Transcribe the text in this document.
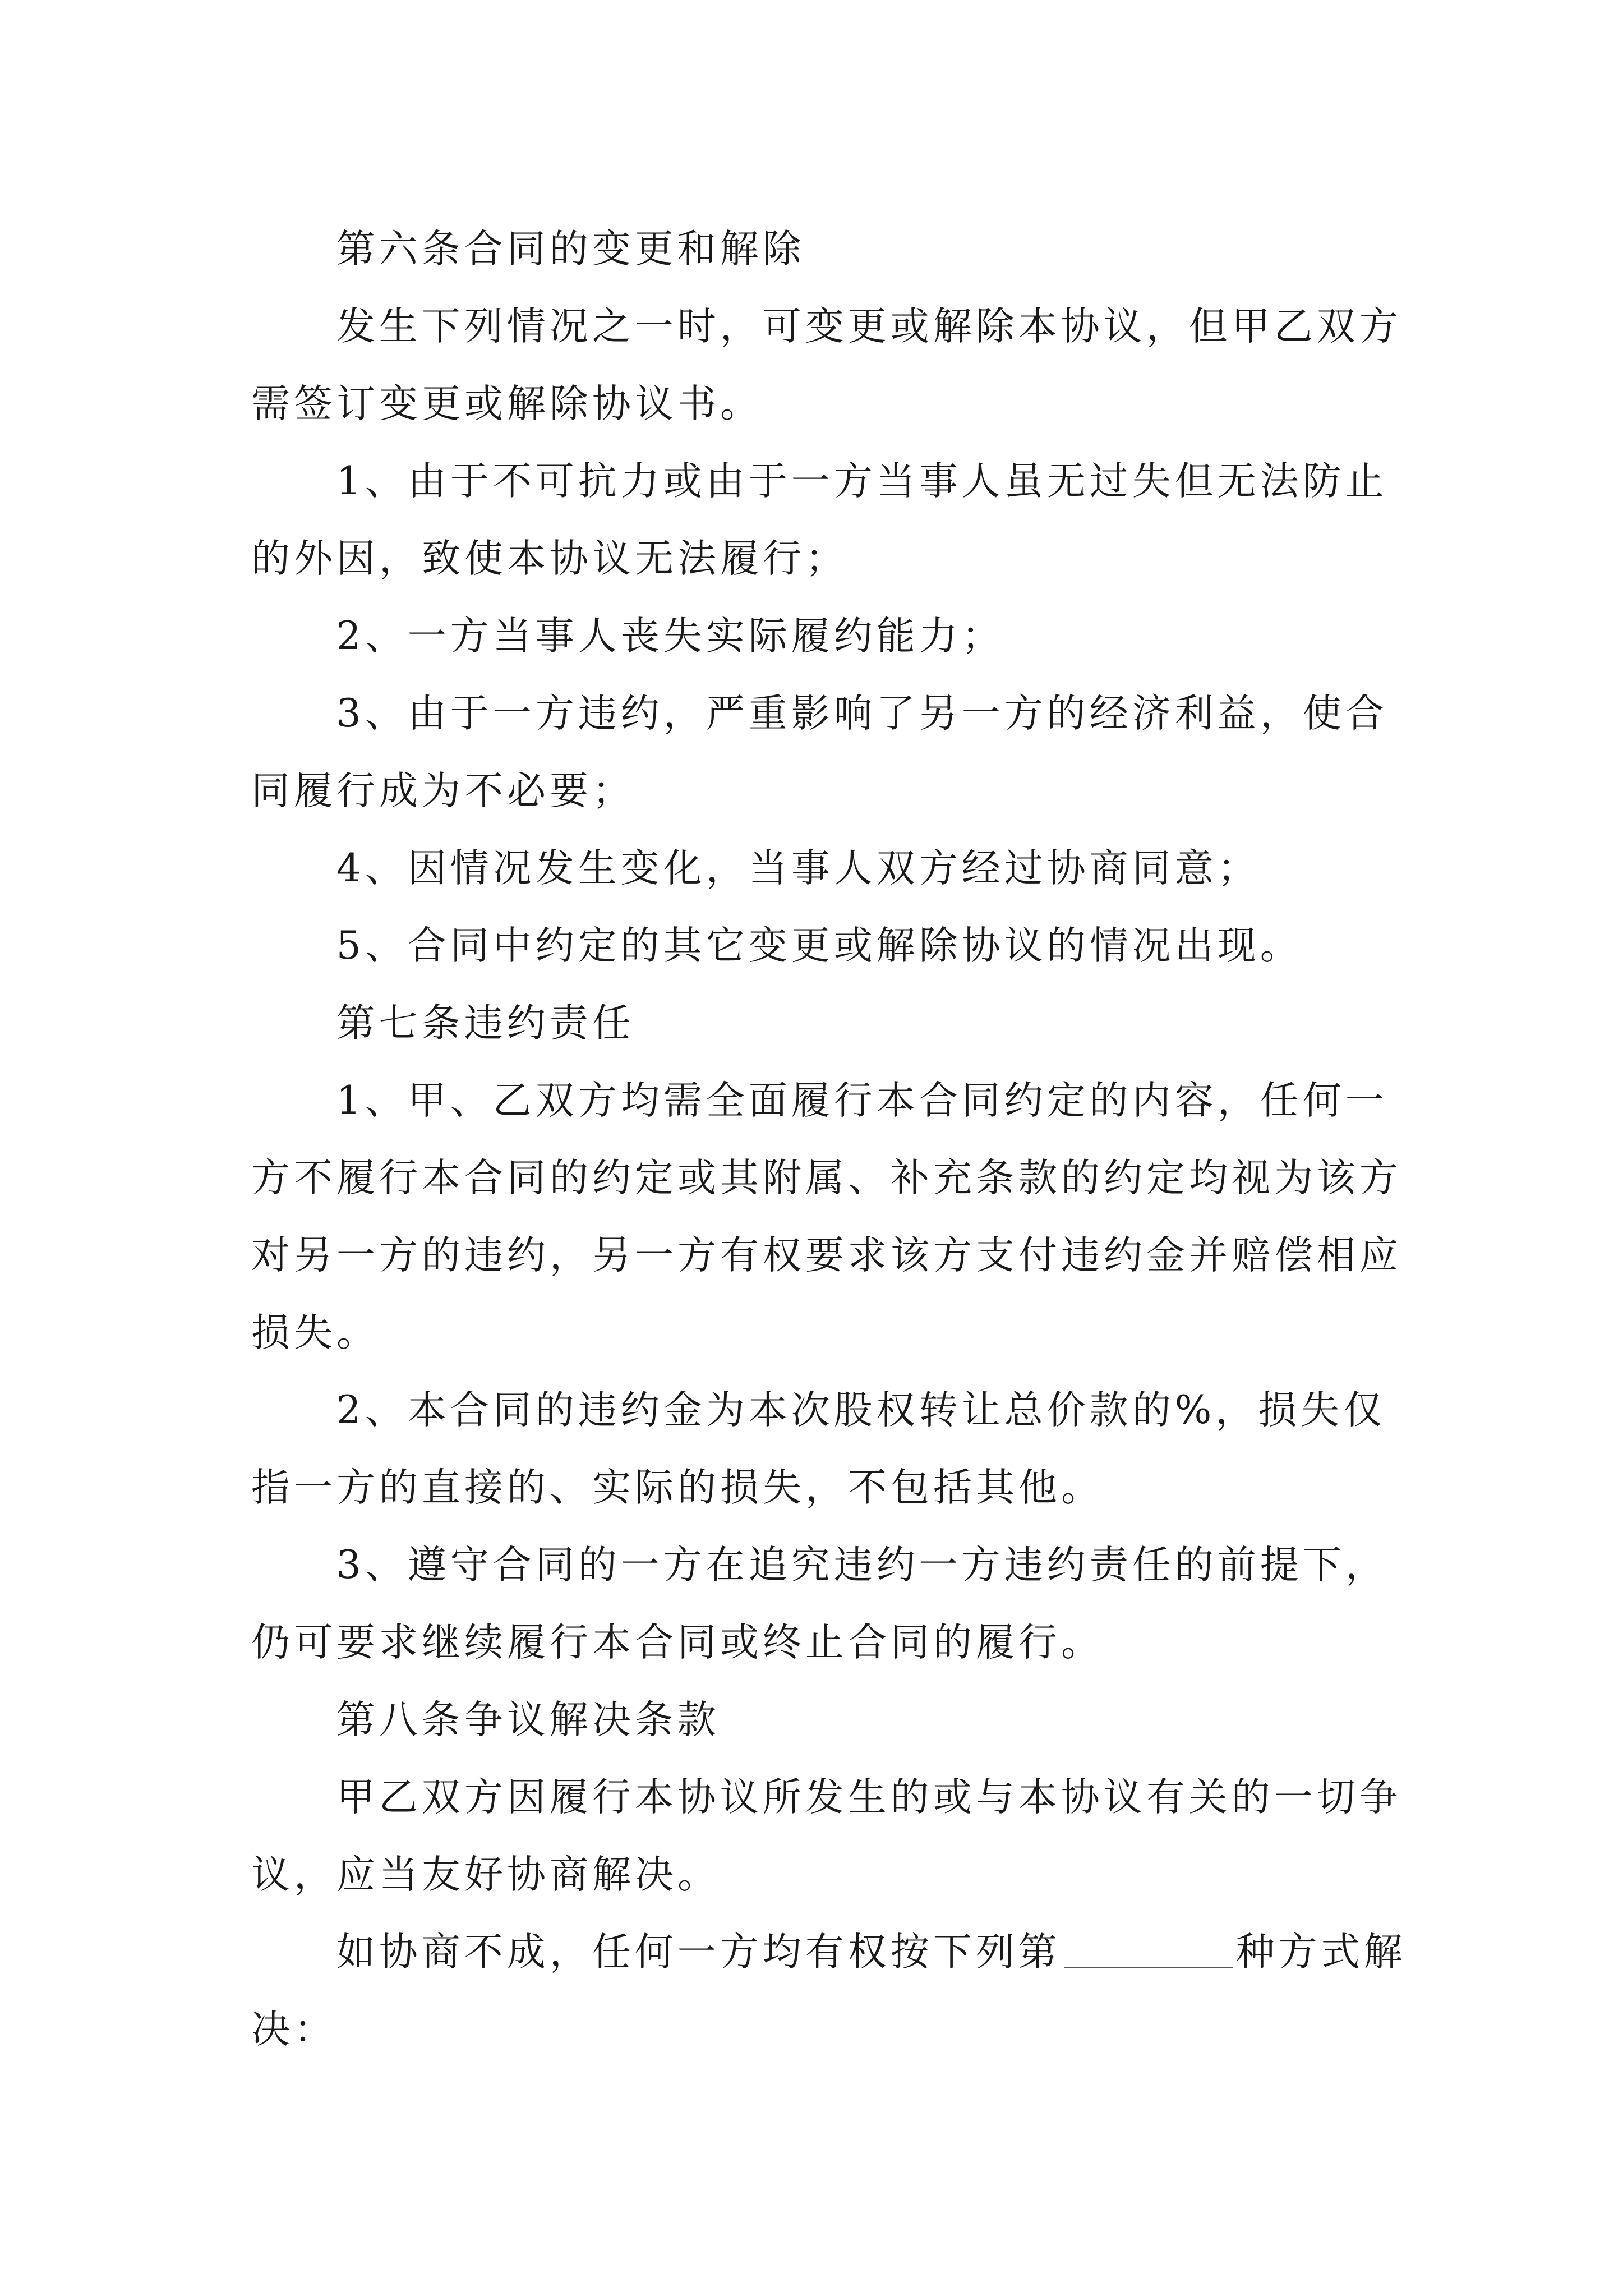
第六条合同的变更和解除

发生下列情况之一时，可变更或解除本协议，但甲乙双方需签订变更或解除协议书。

1、由于不可抗力或由于一方当事人虽无过失但无法防止的外因，致使本协议无法履行；

2、一方当事人丧失实际履约能力；

3、由于一方违约，严重影响了另一方的经济利益，使合同履行成为不必要；

4、因情况发生变化，当事人双方经过协商同意；

5、合同中约定的其它变更或解除协议的情况出现。

第七条违约责任

1、甲、乙双方均需全面履行本合同约定的内容，任何一方不履行本合同的约定或其附属、补充条款的约定均视为该方对另一方的违约，另一方有权要求该方支付违约金并赔偿相应损失。

2、本合同的违约金为本次股权转让总价款的%，损失仅指一方的直接的、实际的损失，不包括其他。

3、遵守合同的一方在追究违约一方违约责任的前提下，仍可要求继续履行本合同或终止合同的履行。

第八条争议解决条款

甲乙双方因履行本协议所发生的或与本协议有关的一切争议，应当友好协商解决。

如协商不成，任何一方均有权按下列第	种方式解决：
